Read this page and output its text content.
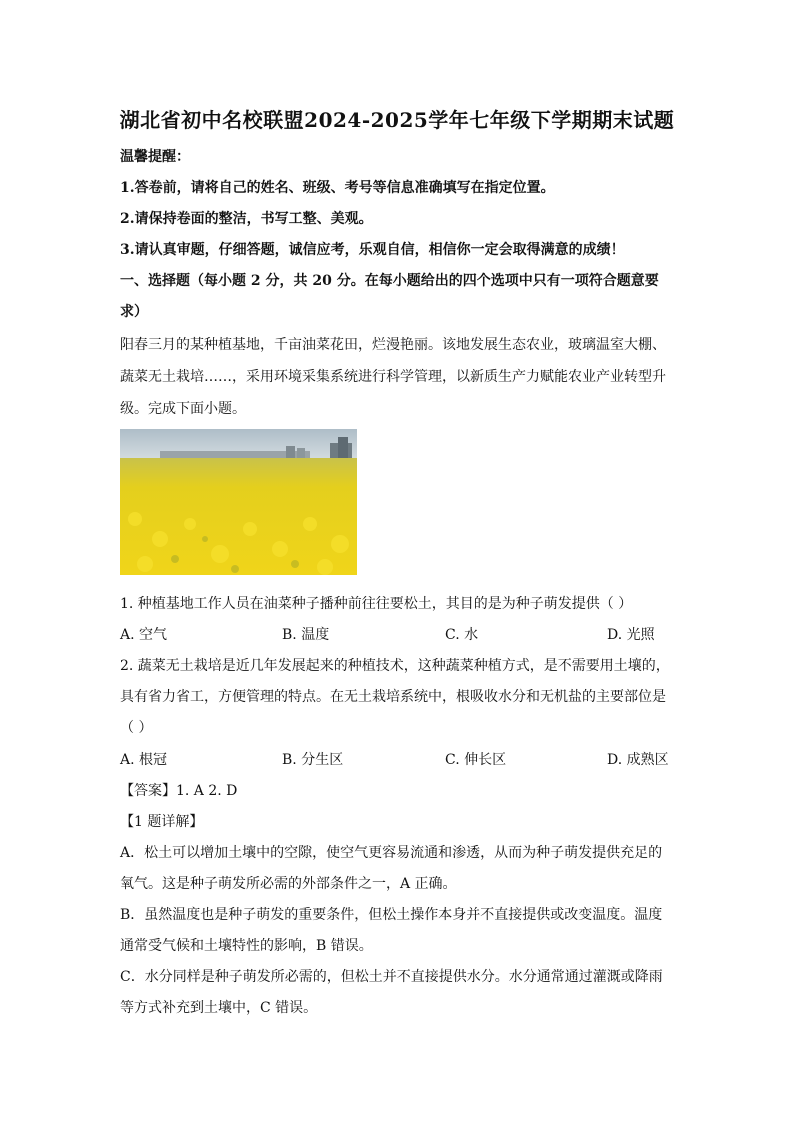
湖北省初中名校联盟2024-2025学年七年级下学期期末试题
温馨提醒：
1.答卷前，请将自己的姓名、班级、考号等信息准确填写在指定位置。
2.请保持卷面的整洁，书写工整、美观。
3.请认真审题，仔细答题，诚信应考，乐观自信，相信你一定会取得满意的成绩！
一、选择题（每小题 2 分，共 20 分。在每小题给出的四个选项中只有一项符合题意要
求）
阳春三月的某种植基地，千亩油菜花田，烂漫艳丽。该地发展生态农业，玻璃温室大棚、
蔬菜无土栽培……，采用环境采集系统进行科学管理，以新质生产力赋能农业产业转型升
级。完成下面小题。
1. 种植基地工作人员在油菜种子播种前往往要松土，其目的是为种子萌发提供（ ）
A. 空气	B. 温度	C. 水	D. 光照
2. 蔬菜无土栽培是近几年发展起来的种植技术，这种蔬菜种植方式，是不需要用土壤的，
具有省力省工，方便管理的特点。在无土栽培系统中，根吸收水分和无机盐的主要部位是
（ ）
A. 根冠	B. 分生区	C. 伸长区	D. 成熟区
【答案】1. A 2. D
【1 题详解】
A．松土可以增加土壤中的空隙，使空气更容易流通和渗透，从而为种子萌发提供充足的
氧气。这是种子萌发所必需的外部条件之一，A 正确。
B．虽然温度也是种子萌发的重要条件，但松土操作本身并不直接提供或改变温度。温度
通常受气候和土壤特性的影响，B 错误。
C．水分同样是种子萌发所必需的，但松土并不直接提供水分。水分通常通过灌溉或降雨
等方式补充到土壤中，C 错误。
